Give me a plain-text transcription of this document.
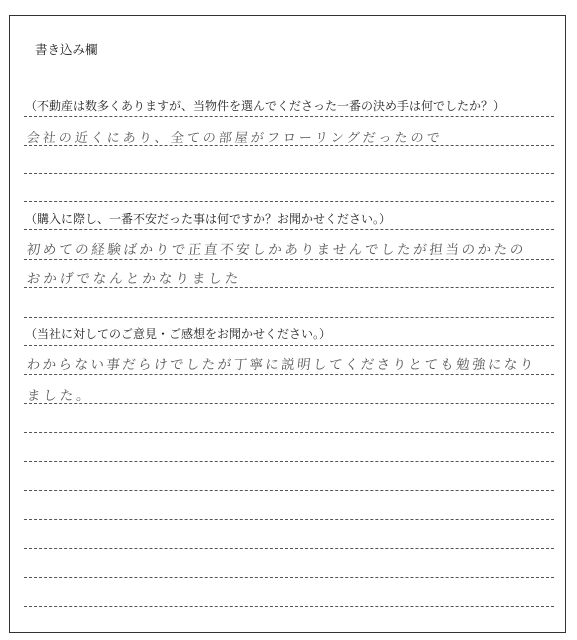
書き込み欄
（不動産は数多くありますが、当物件を選んでくださった一番の決め手は何でしたか？）
会社の近くにあり、全ての部屋がフローリングだったので
（購入に際し、一番不安だった事は何ですか？お聞かせください。）
初めての経験ばかりで正直不安しかありませんでしたが担当のかたの
おかげでなんとかなりました
（当社に対してのご意見・ご感想をお聞かせください。）
わからない事だらけでしたが丁寧に説明してくださりとても勉強になり
ました。
